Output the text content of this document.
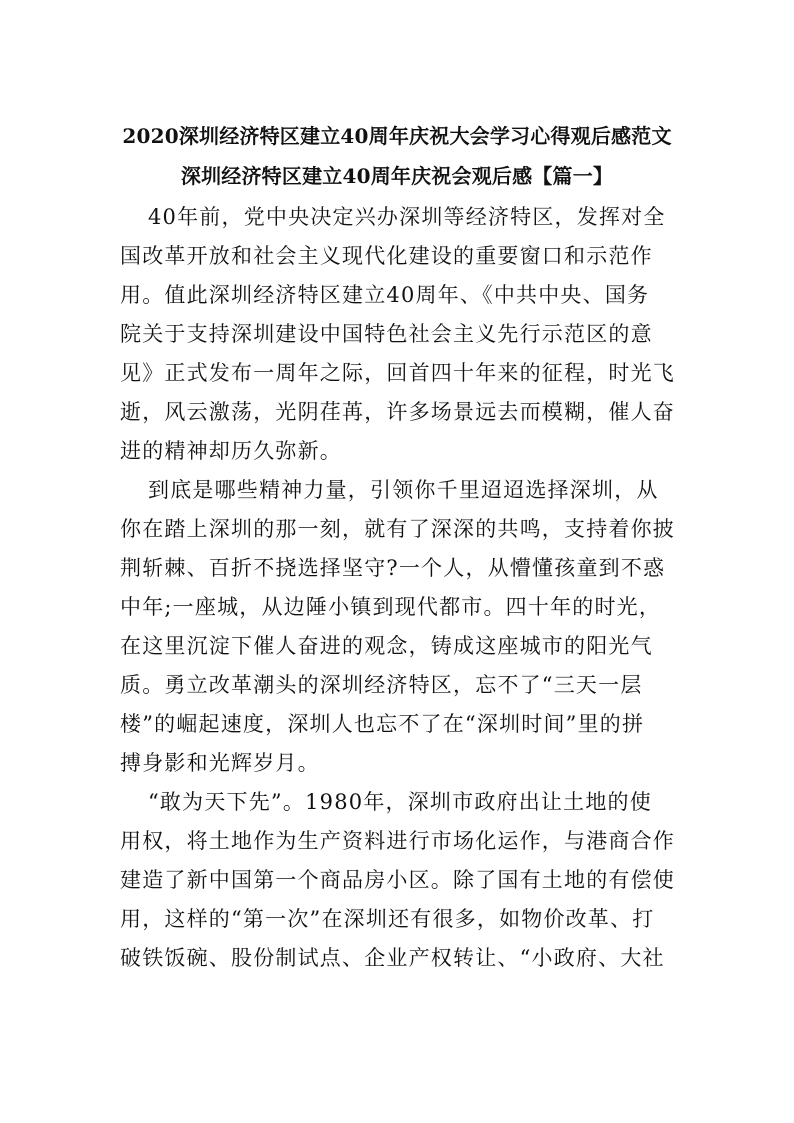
2020深圳经济特区建立40周年庆祝大会学习心得观后感范文
深圳经济特区建立40周年庆祝会观后感【篇一】
40年前，党中央决定兴办深圳等经济特区，发挥对全
国改革开放和社会主义现代化建设的重要窗口和示范作
用。值此深圳经济特区建立40周年、《中共中央、国务
院关于支持深圳建设中国特色社会主义先行示范区的意
见》正式发布一周年之际，回首四十年来的征程，时光飞
逝，风云激荡，光阴荏苒，许多场景远去而模糊，催人奋
进的精神却历久弥新。
到底是哪些精神力量，引领你千里迢迢选择深圳，从
你在踏上深圳的那一刻，就有了深深的共鸣，支持着你披
荆斩棘、百折不挠选择坚守?一个人，从懵懂孩童到不惑
中年;一座城，从边陲小镇到现代都市。四十年的时光，
在这里沉淀下催人奋进的观念，铸成这座城市的阳光气
质。勇立改革潮头的深圳经济特区，忘不了“三天一层
楼”的崛起速度，深圳人也忘不了在“深圳时间”里的拼
搏身影和光辉岁月。
“敢为天下先”。1980年，深圳市政府出让土地的使
用权，将土地作为生产资料进行市场化运作，与港商合作
建造了新中国第一个商品房小区。除了国有土地的有偿使
用，这样的“第一次”在深圳还有很多，如物价改革、打
破铁饭碗、股份制试点、企业产权转让、“小政府、大社
